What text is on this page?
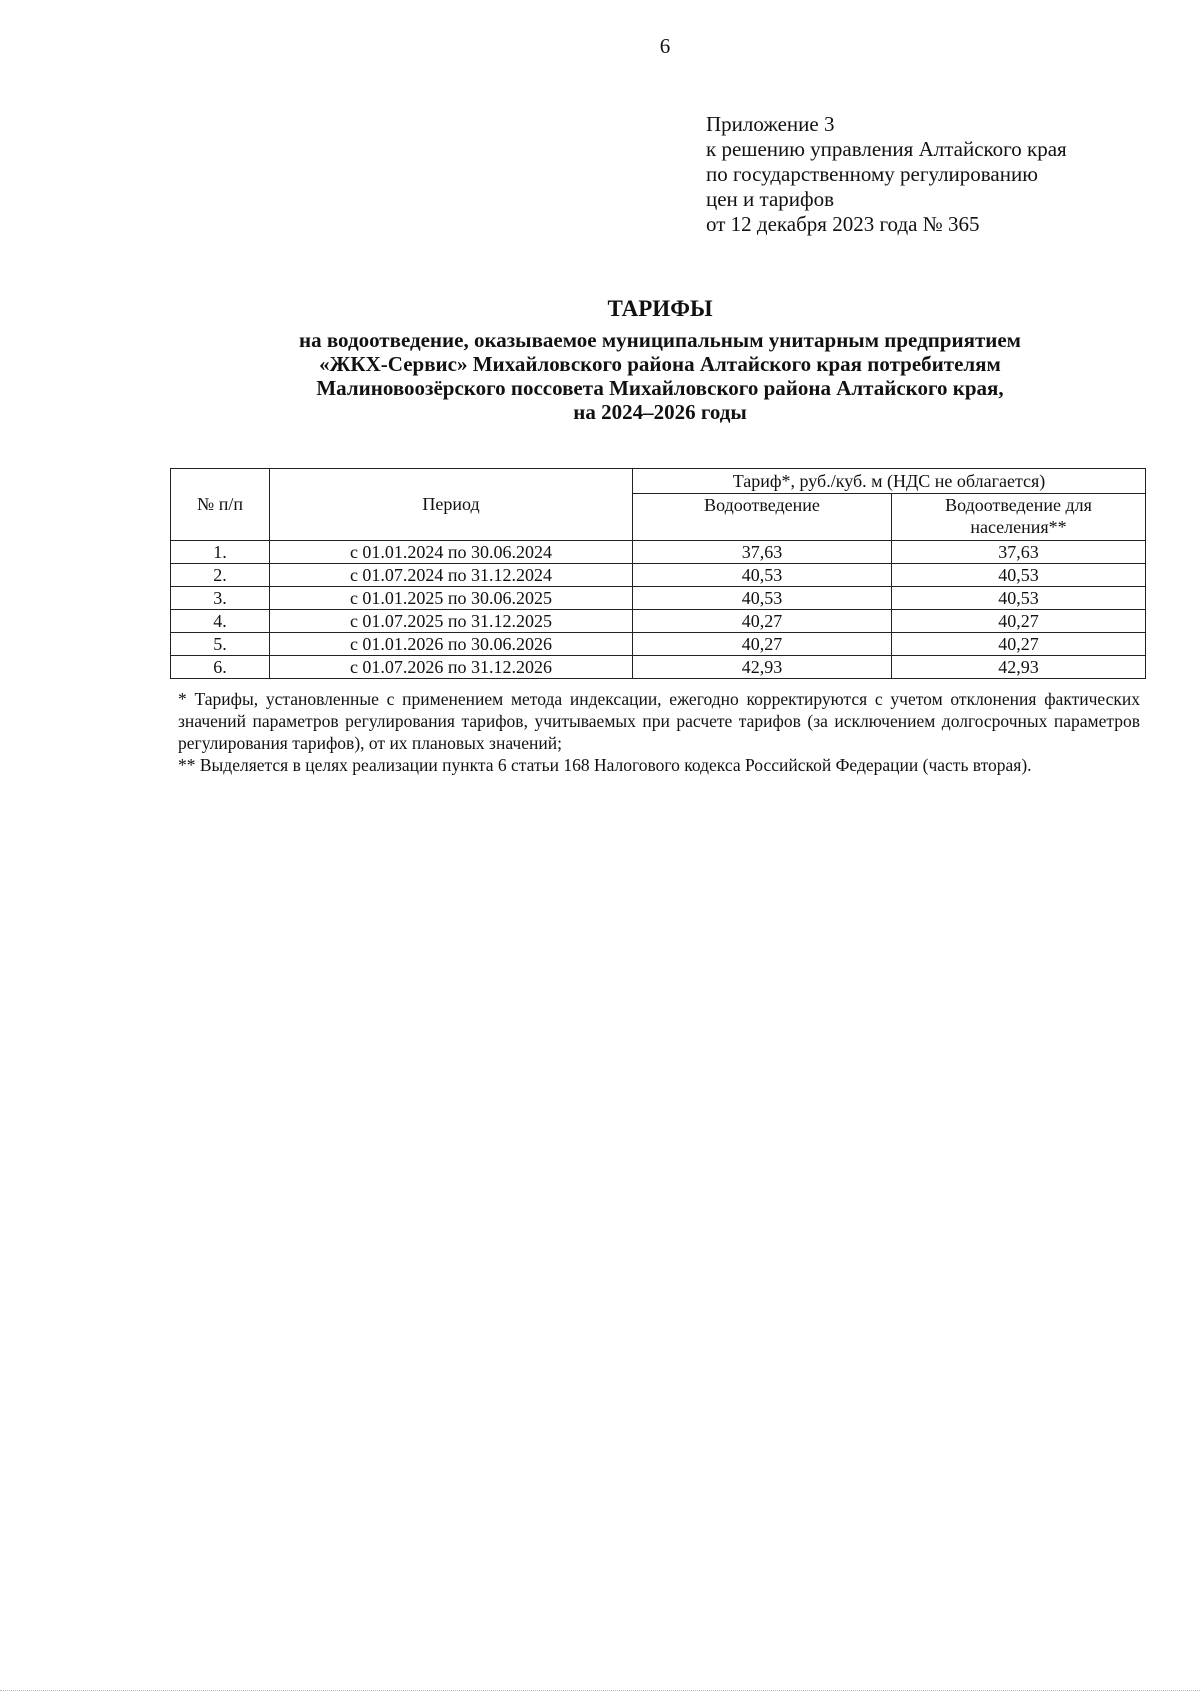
6
Приложение 3
к решению управления Алтайского края
по государственному регулированию
цен и тарифов
от 12 декабря 2023 года № 365
ТАРИФЫ
на водоотведение, оказываемое муниципальным унитарным предприятием
«ЖКХ-Сервис» Михайловского района Алтайского края потребителям
Малиновоозёрского поссовета Михайловского района Алтайского края,
на 2024–2026 годы
№ п/п	Период	Тариф*, руб./куб. м (НДС не облагается)	
		Водоотведение	Водоотведение для
населения**

1.	с 01.01.2024 по 30.06.2024	37,63	37,63
2.	с 01.07.2024 по 31.12.2024	40,53	40,53
3.	с 01.01.2025 по 30.06.2025	40,53	40,53
4.	с 01.07.2025 по 31.12.2025	40,27	40,27
5.	с 01.01.2026 по 30.06.2026	40,27	40,27
6.	с 01.07.2026 по 31.12.2026	42,93	42,93

* Тарифы, установленные с применением метода индексации, ежегодно корректируются с учетом отклонения фактических значений параметров регулирования тарифов, учитываемых при расчете тарифов (за исключением долгосрочных параметров регулирования тарифов), от их плановых значений;

** Выделяется в целях реализации пункта 6 статьи 168 Налогового кодекса Российской Федерации (часть вторая).
